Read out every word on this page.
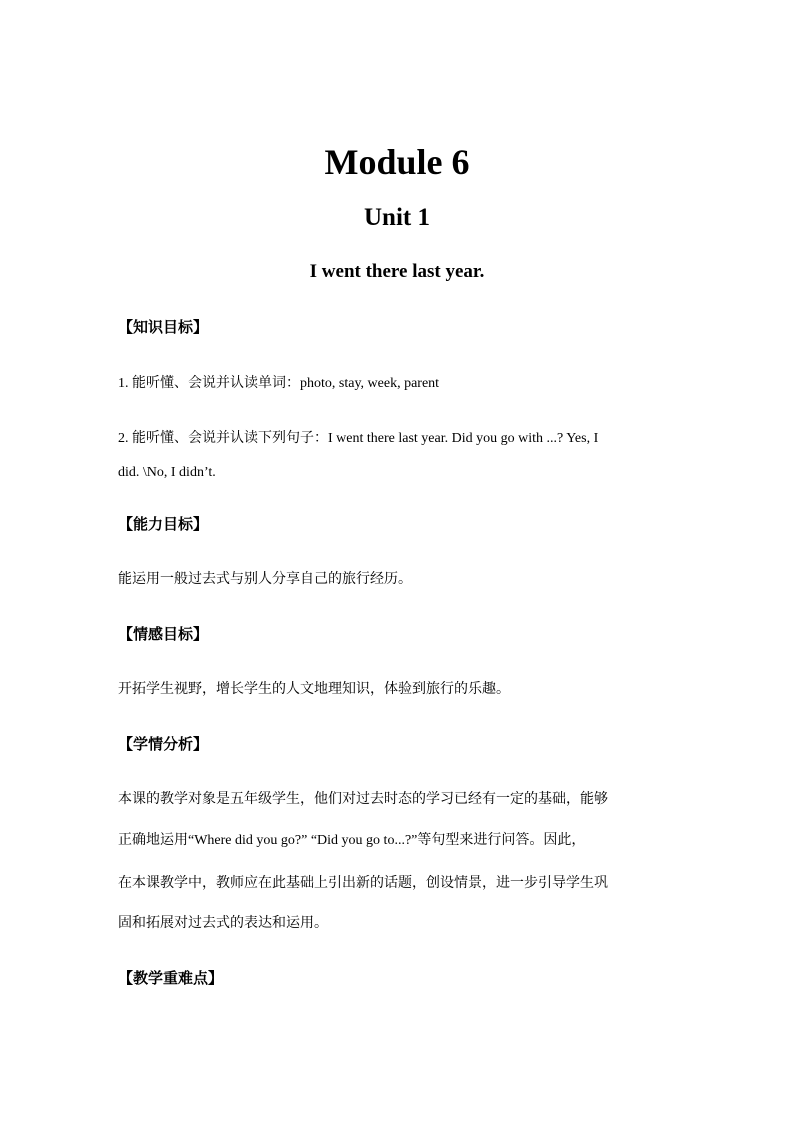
Module 6
Unit 1
I went there last year.
【知识目标】
1. 能听懂、会说并认读单词：photo, stay, week, parent
2. 能听懂、会说并认读下列句子：I went there last year. Did you go with ...? Yes, I
did. \No, I didn’t.
【能力目标】
能运用一般过去式与别人分享自己的旅行经历。
【情感目标】
开拓学生视野，增长学生的人文地理知识，体验到旅行的乐趣。
【学情分析】
本课的教学对象是五年级学生，他们对过去时态的学习已经有一定的基础，能够
正确地运用“Where did you go?” “Did you go to...?”等句型来进行问答。因此，
在本课教学中，教师应在此基础上引出新的话题，创设情景，进一步引导学生巩
固和拓展对过去式的表达和运用。
【教学重难点】
